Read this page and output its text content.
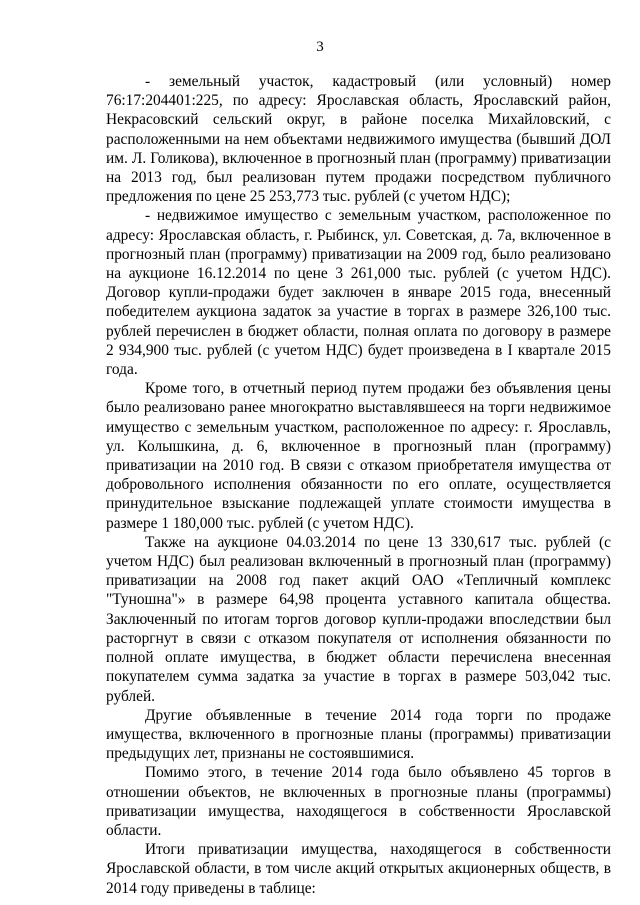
3

- земельный участок, кадастровый (или условный) номер 76:17:204401:225, по адресу: Ярославская область, Ярославский район, Некрасовский сельский округ, в районе поселка Михайловский, с расположенными на нем объектами недвижимого имущества (бывший ДОЛ им. Л. Голикова), включенное в прогнозный план (программу) приватизации на 2013 год, был реализован путем продажи посредством публичного предложения по цене 25 253,773 тыс. рублей (с учетом НДС);

- недвижимое имущество с земельным участком, расположенное по адресу: Ярославская область, г. Рыбинск, ул. Советская, д. 7а, включенное в прогнозный план (программу) приватизации на 2009 год, было реализовано на аукционе 16.12.2014 по цене 3 261,000 тыс. рублей (с учетом НДС). Договор купли-продажи будет заключен в январе 2015 года, внесенный победителем аукциона задаток за участие в торгах в размере 326,100 тыс. рублей перечислен в бюджет области, полная оплата по договору в размере 2 934,900 тыс. рублей (с учетом НДС) будет произведена в I квартале 2015 года.

Кроме того, в отчетный период путем продажи без объявления цены было реализовано ранее многократно выставлявшееся на торги недвижимое имущество с земельным участком, расположенное по адресу: г. Ярославль, ул. Колышкина, д. 6, включенное в прогнозный план (программу) приватизации на 2010 год. В связи с отказом приобретателя имущества от добровольного исполнения обязанности по его оплате, осуществляется принудительное взыскание подлежащей уплате стоимости имущества в размере 1 180,000 тыс. рублей (с учетом НДС).

Также на аукционе 04.03.2014 по цене 13 330,617 тыс. рублей (с учетом НДС) был реализован включенный в прогнозный план (программу) приватизации на 2008 год пакет акций ОАО «Тепличный комплекс "Туношна"» в размере 64,98 процента уставного капитала общества. Заключенный по итогам торгов договор купли-продажи впоследствии был расторгнут в связи с отказом покупателя от исполнения обязанности по полной оплате имущества, в бюджет области перечислена внесенная покупателем сумма задатка за участие в торгах в размере 503,042 тыс. рублей.

Другие объявленные в течение 2014 года торги по продаже имущества, включенного в прогнозные планы (программы) приватизации предыдущих лет, признаны не состоявшимися.

Помимо этого, в течение 2014 года было объявлено 45 торгов в отношении объектов, не включенных в прогнозные планы (программы) приватизации имущества, находящегося в собственности Ярославской области.

Итоги приватизации имущества, находящегося в собственности Ярославской области, в том числе акций открытых акционерных обществ, в 2014 году приведены в таблице:
